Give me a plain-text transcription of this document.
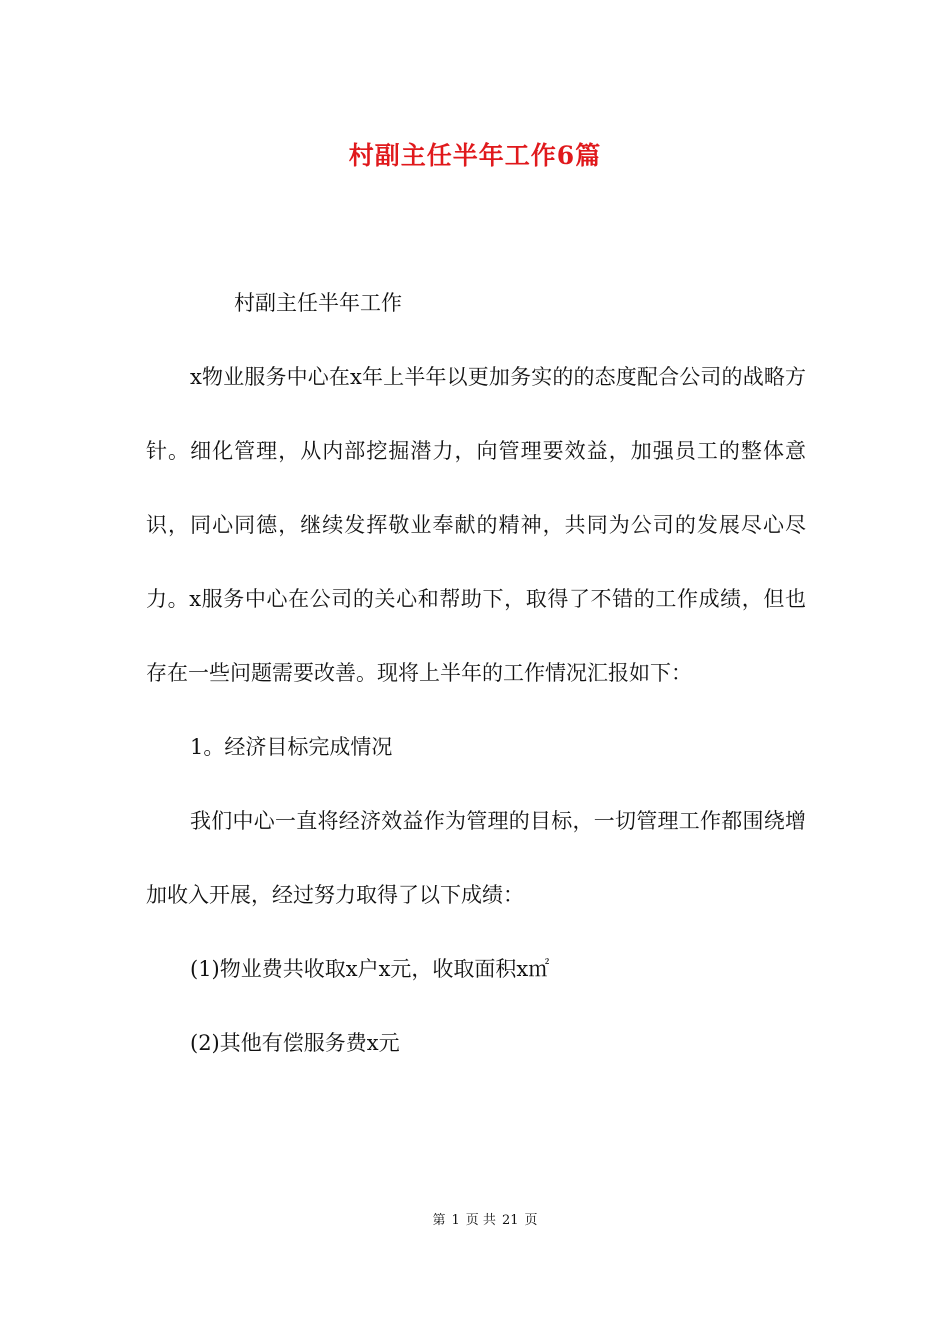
村副主任半年工作6篇

村副主任半年工作

x物业服务中心在x年上半年以更加务实的的态度配合公司的战略方针。细化管理，从内部挖掘潜力，向管理要效益，加强员工的整体意识，同心同德，继续发挥敬业奉献的精神，共同为公司的发展尽心尽力。x服务中心在公司的关心和帮助下，取得了不错的工作成绩，但也存在一些问题需要改善。现将上半年的工作情况汇报如下：

1。经济目标完成情况

我们中心一直将经济效益作为管理的目标，一切管理工作都围绕增加收入开展，经过努力取得了以下成绩：

(1)物业费共收取x户x元，收取面积x㎡

(2)其他有偿服务费x元

第 1 页 共 21 页
